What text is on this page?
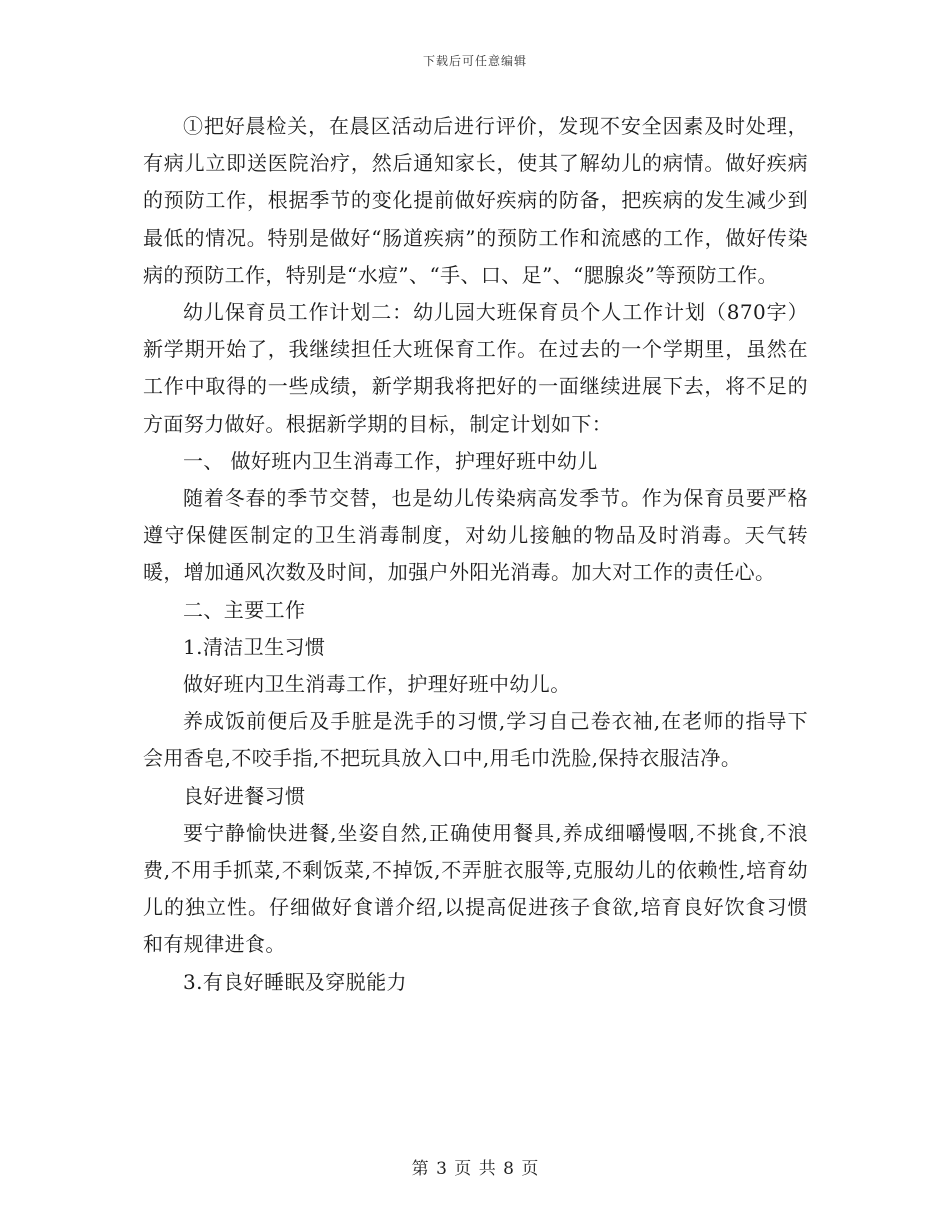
下载后可任意编辑

①把好晨检关，在晨区活动后进行评价，发现不安全因素及时处理，有病儿立即送医院治疗，然后通知家长，使其了解幼儿的病情。做好疾病的预防工作，根据季节的变化提前做好疾病的防备，把疾病的发生减少到最低的情况。特别是做好“肠道疾病”的预防工作和流感的工作，做好传染病的预防工作，特别是“水痘”、“手、口、足”、“腮腺炎”等预防工作。

幼儿保育员工作计划二：幼儿园大班保育员个人工作计划（870字）新学期开始了，我继续担任大班保育工作。在过去的一个学期里，虽然在工作中取得的一些成绩，新学期我将把好的一面继续进展下去，将不足的方面努力做好。根据新学期的目标，制定计划如下：

一、 做好班内卫生消毒工作，护理好班中幼儿

随着冬春的季节交替，也是幼儿传染病高发季节。作为保育员要严格遵守保健医制定的卫生消毒制度，对幼儿接触的物品及时消毒。天气转暖，增加通风次数及时间，加强户外阳光消毒。加大对工作的责任心。

二、主要工作

1.清洁卫生习惯

做好班内卫生消毒工作，护理好班中幼儿。

养成饭前便后及手脏是洗手的习惯,学习自己卷衣袖,在老师的指导下会用香皂,不咬手指,不把玩具放入口中,用毛巾洗脸,保持衣服洁净。

良好进餐习惯

要宁静愉快进餐,坐姿自然,正确使用餐具,养成细嚼慢咽,不挑食,不浪费,不用手抓菜,不剩饭菜,不掉饭,不弄脏衣服等,克服幼儿的依赖性,培育幼儿的独立性。仔细做好食谱介绍,以提高促进孩子食欲,培育良好饮食习惯和有规律进食。

3.有良好睡眠及穿脱能力

第 3 页 共 8 页
